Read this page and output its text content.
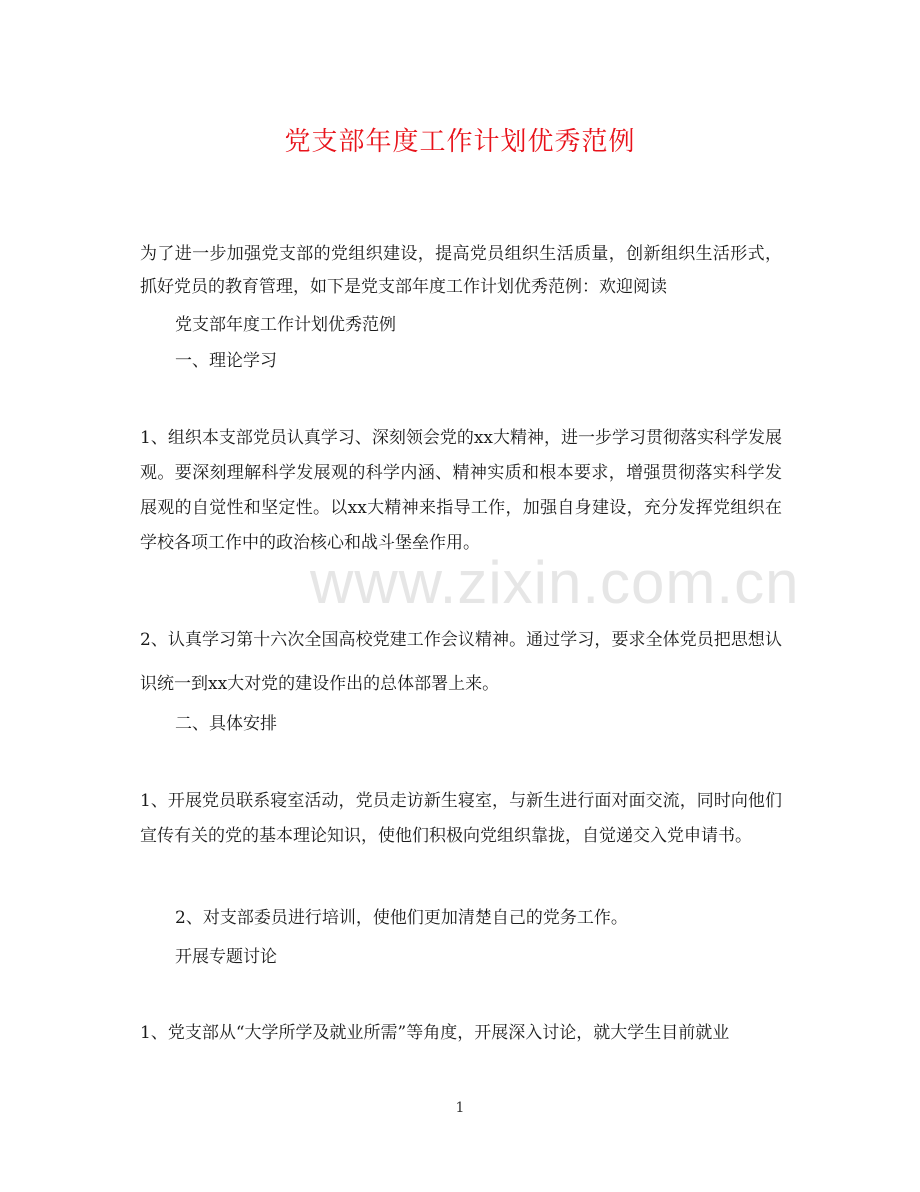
党支部年度工作计划优秀范例

为了进一步加强党支部的党组织建设，提高党员组织生活质量，创新组织生活形式，抓好党员的教育管理，如下是党支部年度工作计划优秀范例：欢迎阅读

党支部年度工作计划优秀范例

一、理论学习

1、组织本支部党员认真学习、深刻领会党的xx大精神，进一步学习贯彻落实科学发展观。要深刻理解科学发展观的科学内涵、精神实质和根本要求，增强贯彻落实科学发展观的自觉性和坚定性。以xx大精神来指导工作，加强自身建设，充分发挥党组织在学校各项工作中的政治核心和战斗堡垒作用。

2、认真学习第十六次全国高校党建工作会议精神。通过学习，要求全体党员把思想认识统一到xx大对党的建设作出的总体部署上来。

二、具体安排

1、开展党员联系寝室活动，党员走访新生寝室，与新生进行面对面交流，同时向他们宣传有关的党的基本理论知识，使他们积极向党组织靠拢，自觉递交入党申请书。

2、对支部委员进行培训，使他们更加清楚自己的党务工作。

开展专题讨论

1、党支部从“大学所学及就业所需”等角度，开展深入讨论，就大学生目前就业

www.zixin.com.cn
1
